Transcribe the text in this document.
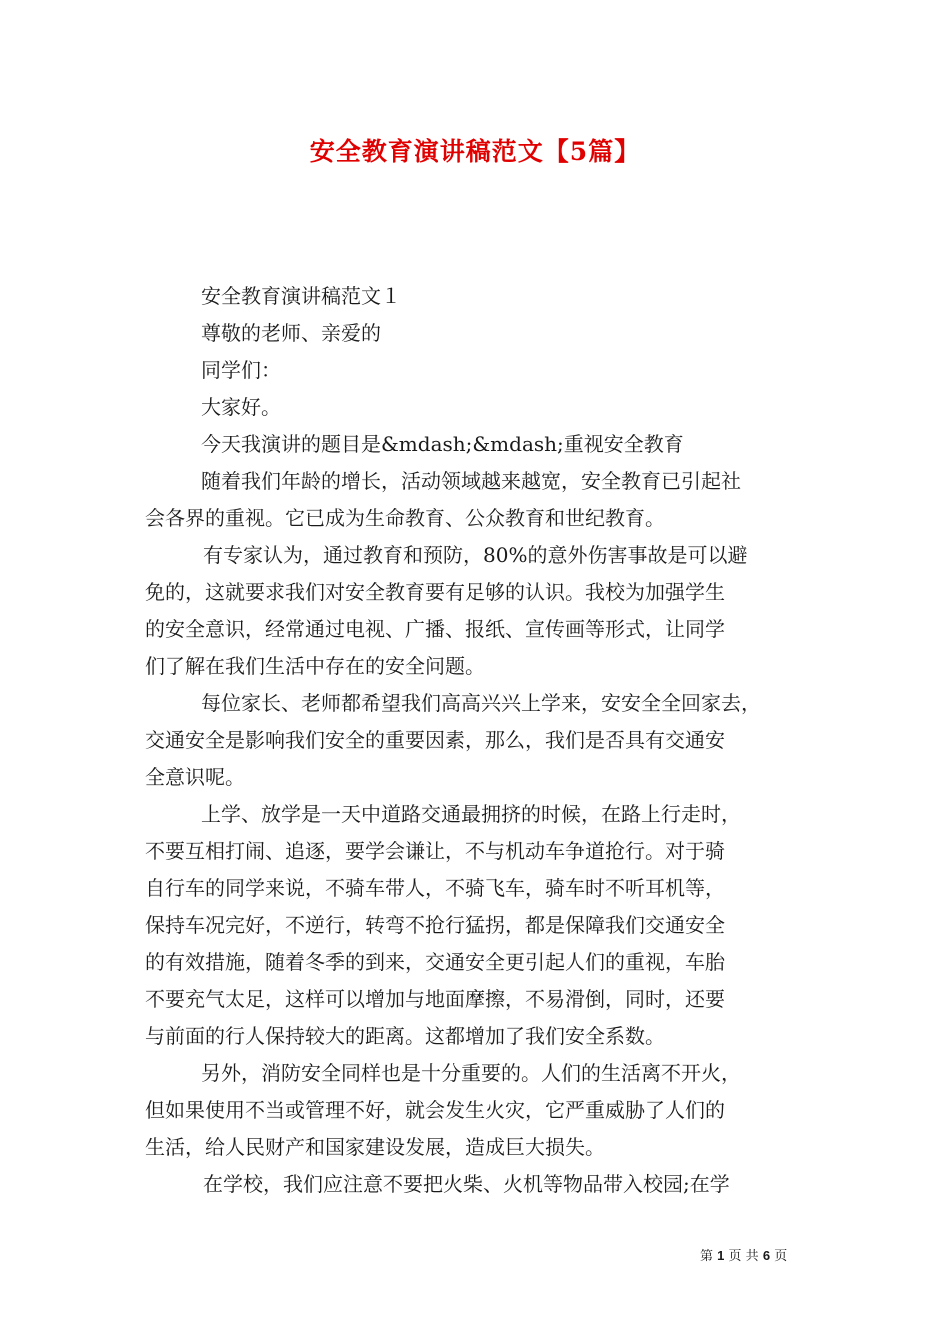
安全教育演讲稿范文【5篇】
安全教育演讲稿范文１
尊敬的老师、亲爱的
同学们：
大家好。
今天我演讲的题目是&mdash;&mdash;重视安全教育
随着我们年龄的增长，活动领域越来越宽，安全教育已引起社
会各界的重视。它已成为生命教育、公众教育和世纪教育。
有专家认为，通过教育和预防，80%的意外伤害事故是可以避
免的，这就要求我们对安全教育要有足够的认识。我校为加强学生
的安全意识，经常通过电视、广播、报纸、宣传画等形式，让同学
们了解在我们生活中存在的安全问题。
每位家长、老师都希望我们高高兴兴上学来，安安全全回家去，
交通安全是影响我们安全的重要因素，那么，我们是否具有交通安
全意识呢。
上学、放学是一天中道路交通最拥挤的时候，在路上行走时，
不要互相打闹、追逐，要学会谦让，不与机动车争道抢行。对于骑
自行车的同学来说，不骑车带人，不骑飞车，骑车时不听耳机等，
保持车况完好，不逆行，转弯不抢行猛拐，都是保障我们交通安全
的有效措施，随着冬季的到来，交通安全更引起人们的重视，车胎
不要充气太足，这样可以增加与地面摩擦，不易滑倒，同时，还要
与前面的行人保持较大的距离。这都增加了我们安全系数。
另外，消防安全同样也是十分重要的。人们的生活离不开火，
但如果使用不当或管理不好，就会发生火灾，它严重威胁了人们的
生活，给人民财产和国家建设发展，造成巨大损失。
在学校，我们应注意不要把火柴、火机等物品带入校园;在学
第 1 页 共 6 页
